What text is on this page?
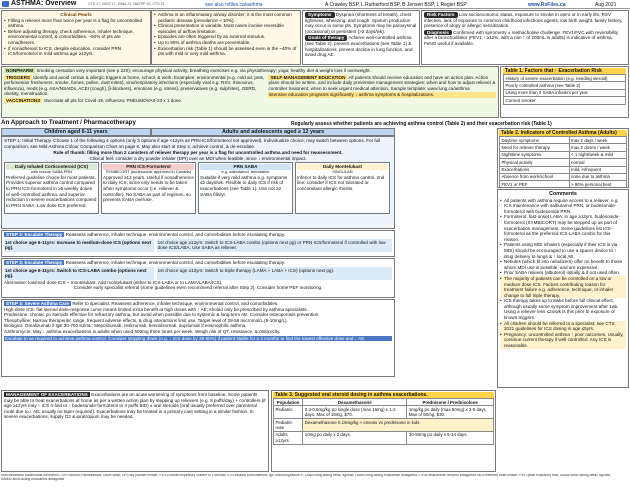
ASTHMA: Overview	CTS 17, NICE 17, GINA 21, NAEPP 20, CTS 21	see also rxfiles.ca/asthma	A Crawley BSP, L Rutherford BSP, B Jensen BSP, L Regier BSP	www.RxFiles.ca	Aug 2021
Clinical Pearls
• Filling a reliever more than twice per year is a flag for uncontrolled asthma.
• Before adjusting therapy, check adherence, inhaler technique, environmental control, & comorbidities. ~50% of pts are nonadherent.
• If nonadherent to ICS, despite education, consider PRN ICS/formoterol in mild asthma age ≥12yrs.
• Asthma is an inflammatory airway disorder; it is the most common pediatric disease (prevalence ≈ 10%).
• Clinical presentation is variable. Most cases involve reversible episodes of airflow limitation.
• Episodes are often triggered by an external stimulus.
• Up to 80% of asthma deaths are preventable.
• Exacerbation risk (Table 1) should be assessed even in the ~40% of pts with mild or very mild asthma.
Symptoms Dyspnea (shortness of breath), chest tightness, wheezing, and cough. Sputum production may occur in some pts. Symptoms may be paroxysmal (occasional) or persistent (>2 days/wk).
Goals of therapy Achieve well-controlled asthma (see Table 2), prevent exacerbations (see Table 1) & hospitalizations, prevent decline in lung function, and avoid drug AE.
Risk Factors Low socioeconomic status, exposure to smoke in utero or in early life, RSV infection, lack of exposure to common childhood infections agents, low birth weight, family history, presence of atopy or allergic sensitization.
Diagnosis Confirmed with spirometry ± methacholine challenge. FEV1/FVC with reversibility after a bronchodilator (FEV1 ↑ ≥12%, with a min ↑ of 200mL in adults) is indicative of asthma. FeNO useful if available.
NONPHARM Smoking cessation very important (see p 220); encourage physical activity; breathing exercises e.g. via physiotherapy; yoga; healthy diet & weight loss if overweight.
TRIGGERS Identify and avoid certain & allergic triggers at home, school, & work. Examples: environmental (e.g. cold air, pets, perfumes/air fresheners, smoke, fumes, pollen, dust mites), viral/respiratory infections (especially viral e.g. RSV, rhinovirus, influenza), meds (e.g. ASA/NSAIDs, ACEI (cough), β-blockers), emotions (e.g. stress), preservatives (e.g. sulphites), GERD, obesity, menstruation.
VACCINATIONS Vaccinate all pts for Covid-19, influenza; PNEUMOVAX-23 x 1 dose.
SELF-MANAGEMENT EDUCATION All patients should receive education and have an action plan. Action plans should be written, and include daily preventive management strategies; when and how to adjust reliever & controller treatment; when to seek urgent medical attention. Sample template: www.lung.ca/asthma
Intensive education programs significantly ↓ asthma symptoms & hospitalizations.
Table 1. Factors that ↑ Exacerbation Risk
History of severe exacerbation (e.g. needing steroid)
Poorly controlled asthma (see Table 2)
Using more than 2 SABA inhalers per year
Current smoker
An Approach to Treatment / Pharmacotherapy	Regularly assess whether patients are achieving asthma control (Table 2) and their exacerbation risk (Table 1)
Children aged 6-11 years	Adults and adolescents aged ≥ 12 years
STEP 1: Initial Therapy. Choose 1 of the following 4 options (only 3 options if age <12yrs as PRN ICS/formoterol not approved). Individualize choice; may switch between options. For full comparison, see Mild Asthma Colour Comparison Chart on page 6. May also start at Step 2, achieve control, & de-escalate.
Rule of thumb: filling more than 2 canisters of reliever therapy per year is a flag for uncontrolled asthma and need for reassessment.
Clinical feel: consider a dry powder inhaler (DPI) over an MDI when feasible, since ↓ environmental impact.
Daily Inhaled Corticosteroid (ICS)
with rescue SABA PRN
Preferred guideline choice for most patients. Provides superior asthma control compared to PRN ICS-formoterol in ≥5 weekly doses of well-controlled asthma, and superior reduction in severe exacerbations compared to PRN SABA. Low dose ICS preferred.
PRN ICS-Formoterol
SYMBICORT (budesonide approved in Canada)
Approved ≥12 years. Useful if nonadherence to daily ICS, since only needs to be taken when symptoms occur (i.e. reliever & controller). No SABA as part of regimen, so prevents SABA overuse.
PRN SABA
e.g. salbutamol, terbutaline
Suitable if very mild asthma e.g. symptoms ≤2 days/wk. Flexible to daily ICS if risk of exacerbations (see Table 1). Use not ≥2 SABA fills/yr.
Daily Montelukast
SINGULAR
Inferior to daily ICS for asthma control. 2nd line; consider if ICS not tolerated or concomitant allergic rhinitis.
STEP 2: Escalate Therapy Reassess adherence, inhaler technique, environmental control, and comorbidities before escalating therapy.
1st choice age 6-11yrs: Increase to medium-dose ICS (options next pg).
1st choice age ≥12yrs: Switch to ICS-LABA combo (options next pg) or PRN ICS/formoterol if controlled with low dose ICS/LABA. Use SABA as reliever.
STEP 3: Escalate Therapy Reassess adherence, inhaler technique, environmental control, and comorbidities before escalating therapy.
1st choice age 6-11yrs: Switch to ICS-LABA combo (options next pg).
1st choice age ≥12yrs: Switch to triple therapy (LAMA + LABA + ICS) (options next pg).
Alternative: low/med dose ICS + montelukast. Add montelukast (either to ICS-LABA or to LAMA/LABA/ICS).
Consider early specialist referral (some guidelines even recommend referral after Step 2). Consider home PEF monitoring.
STEP 4: Severe Asthma Care Refer to specialist. Reassess adherence, inhaler technique, environmental control, and comorbidities.
High-dose ICS: flat steroid dose-response curve means limited extra benefit at high doses with ↑ AE; should only be prescribed by asthma specialists.
Prednisone: chronic po steroids effective for refractory asthma, but avoid when possible due to systemic & long-term AE. Consider osteoporosis prevention.
Theophylline: Narrow therapeutic range, frequent adverse effects, & drug interactions limit use. Target level of 28-56 micromol/L (5-10mg/L).
Biologics: Omalizumab if IgE 30-700 IU/mL; Mepolizumab, reslizumab, benralizumab, dupilumab if eosinophilic asthma.
Azithromycin: May ↓ asthma exacerbations in adults when used 500mg three times per week. Weigh risk of QT, resistance, & ototoxicity.
Escalate to as required to achieve asthma control. Consider stepping down (e.g. ↓ ICS dose by 25-50%) if patient stable for ≥ 3 months to find the lowest effective dose and ↓ AE.
Table 2. Indicators of Controlled Asthma (Adults)
Daytime symptoms	max 2 days / week
Need for reliever therapy	max 2 doses / week
Nighttime symptoms	< 1 night/week & mild
Physical activity	normal
Exacerbations	mild, infrequent
Absence from work/school	none due to asthma
FEV1 or PEF	> 90% personal best
Comments
• All patients with asthma require access to a reliever, e.g. ICS maintenance with salbutamol PRN, or budesonide-formoterol with budesonide PRN.
• Formoterol: fast-onset LABA; in age ≥12yrs, budesonide-formoterol (SYMBICORT) may be stepped up as part of exacerbation management. Some guidelines list ICS-formoterol as the preferred ICS-LABA combo for this reason.
• Patients using MDI inhalers (especially if their ICS is via MDI) should be encouraged to use a spacer device to ↑ drug delivery to lungs & ↑ local AE.
• Nebules (which fit into nebulizers) offer no benefit to those whom MDI use is possible, and are expensive.
• Prior SABA reliever (albuterol) initially & if not used often.
• The majority of patients can be controlled on a low or medium dose ICS. Factors contributing reason for treatment failure e.g. adherence, technique, or inhaler change to full triple therapy.
• ICS therapy takes up to 8wks before full clinical effect, although usually some symptom improvement after 1wk. Using a reliever less ≤2x/wk is this prior to exposure or known triggers.
• All children should be referred to a specialist; see CTS 2021 guidelines for ICS dosing in age ≤5yrs.
• Pregnancy: uncontrolled asthma ↑ poor outcomes. Usually, continue current therapy if well controlled. Any ICS is reasonable.
MANAGEMENT OF EXACERBATIONS Exacerbations are an acute worsening of symptoms from baseline. Some patients may be able to treat exacerbations at home as per a written action plan by stepping up relievers (e.g. 8 puffs/day) + controllers (if age ≥12yrs may ↑ ICS 4-fold or ↑ budesonide-formoterol to 4 puffs BID) ± oral steroids (oral usually preferred over parenteral route due to ↓ AE; usually no taper required). Exacerbations may be treated in a primary care setting in a similar fashion. In severe exacerbations, supply O2 & ipratropium may be needed.
Table 3. Suggested oral steroid dosing in asthma exacerbations.
Population	Dexamethasone	Prednisone / Prednisolone
Pediatric	0.3-0.6mg/kg po single dose (max 16mg) x 1-2 days. Max of 16mg, $70.	1mg/kg po daily (max 50mg) x 3-5 days. Max of 60mg, $30.
Pediatric note	Dexamethasone 0.15mg/kg ≈ emesis vs prednisone in kids.	
Adults ≥12yrs	10mg po daily x 2 days.	30-50mg po daily x 5-14 days.
bud=formoterol budesonide-formoterol; CRF=chronic rhinosinusitis; Dose=dose; DPI=dry powder inhaler; FEV1=forced expiratory volume in 1 second; ICS=inhaled corticosteroid; IgE=immunoglobulin E; LABA=long-acting beta2 agonist; LAMA=long-acting muscarinic antagonist; LTRA=leukotriene receptor antagonist; MDI=metered dose inhaler; PEF=peak expiratory flow; SABA=short-acting beta2 agonist; SAMA=short-acting muscarinic antagonist
